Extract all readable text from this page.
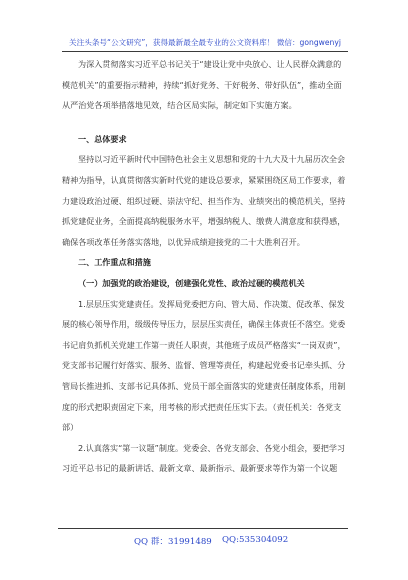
关注头条号“公文研究”，获得最新最全最专业的公文资料库！ 微信：gongwenyj

为深入贯彻落实习近平总书记关于“建设让党中央放心、让人民群众满意的模范机关”的重要指示精神，持续“抓好党务、干好税务、带好队伍”，推动全面从严治党各项举措落地见效，结合区局实际，制定如下实施方案。

一、总体要求

坚持以习近平新时代中国特色社会主义思想和党的十九大及十九届历次全会精神为指导，认真贯彻落实新时代党的建设总要求，紧紧围绕区局工作要求，着力建设政治过硬、组织过硬、崇法守纪、担当作为、业绩突出的模范机关，坚持抓党建促业务，全面提高纳税服务水平，增强纳税人、缴费人满意度和获得感，确保各项改革任务落实落地，以优异成绩迎接党的二十大胜利召开。

二、工作重点和措施

（一）加强党的政治建设，创建强化党性、政治过硬的模范机关

1.层层压实党建责任。发挥局党委把方向、管大局、作决策、促改革、保发展的核心领导作用，级级传导压力，层层压实责任，确保主体责任不落空。党委书记肩负抓机关党建工作第一责任人职责，其他班子成员严格落实“一岗双责”，党支部书记履行好落实、服务、监督、管理等责任，构建起党委书记牵头抓、分管局长推进抓、支部书记具体抓、党员干部全面落实的党建责任制度体系，用制度的形式把职责固定下来，用考核的形式把责任压实下去。（责任机关：各党支部）

2.认真落实“第一议题”制度。党委会、各党支部会、各党小组会，要把学习习近平总书记的最新讲话、最新文章、最新指示、最新要求等作为第一个议题

QQ 群：31991489 QQ:535304092
